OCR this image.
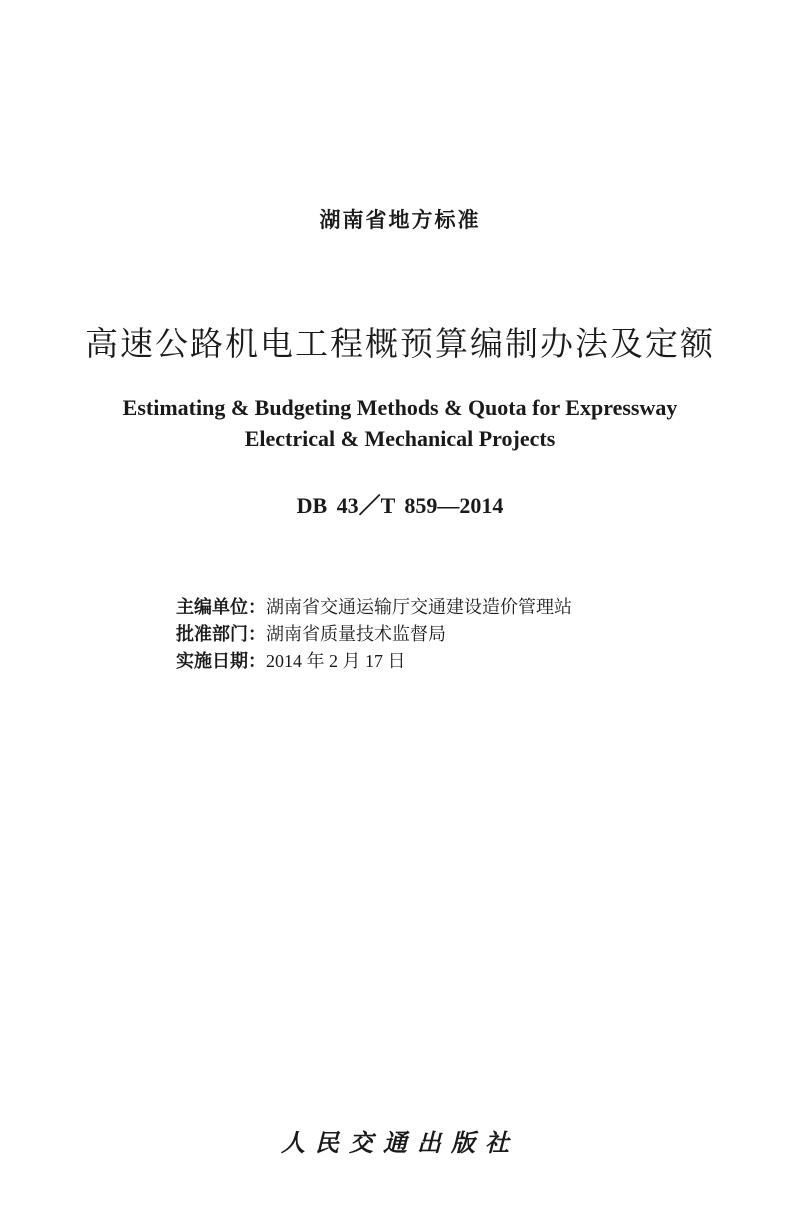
湖南省地方标准
高速公路机电工程概预算编制办法及定额
Estimating & Budgeting Methods & Quota for Expressway
Electrical & Mechanical Projects
DB 43／T 859—2014
主编单位：湖南省交通运输厅交通建设造价管理站
批准部门：湖南省质量技术监督局
实施日期：2014 年 2 月 17 日
人民交通出版社
